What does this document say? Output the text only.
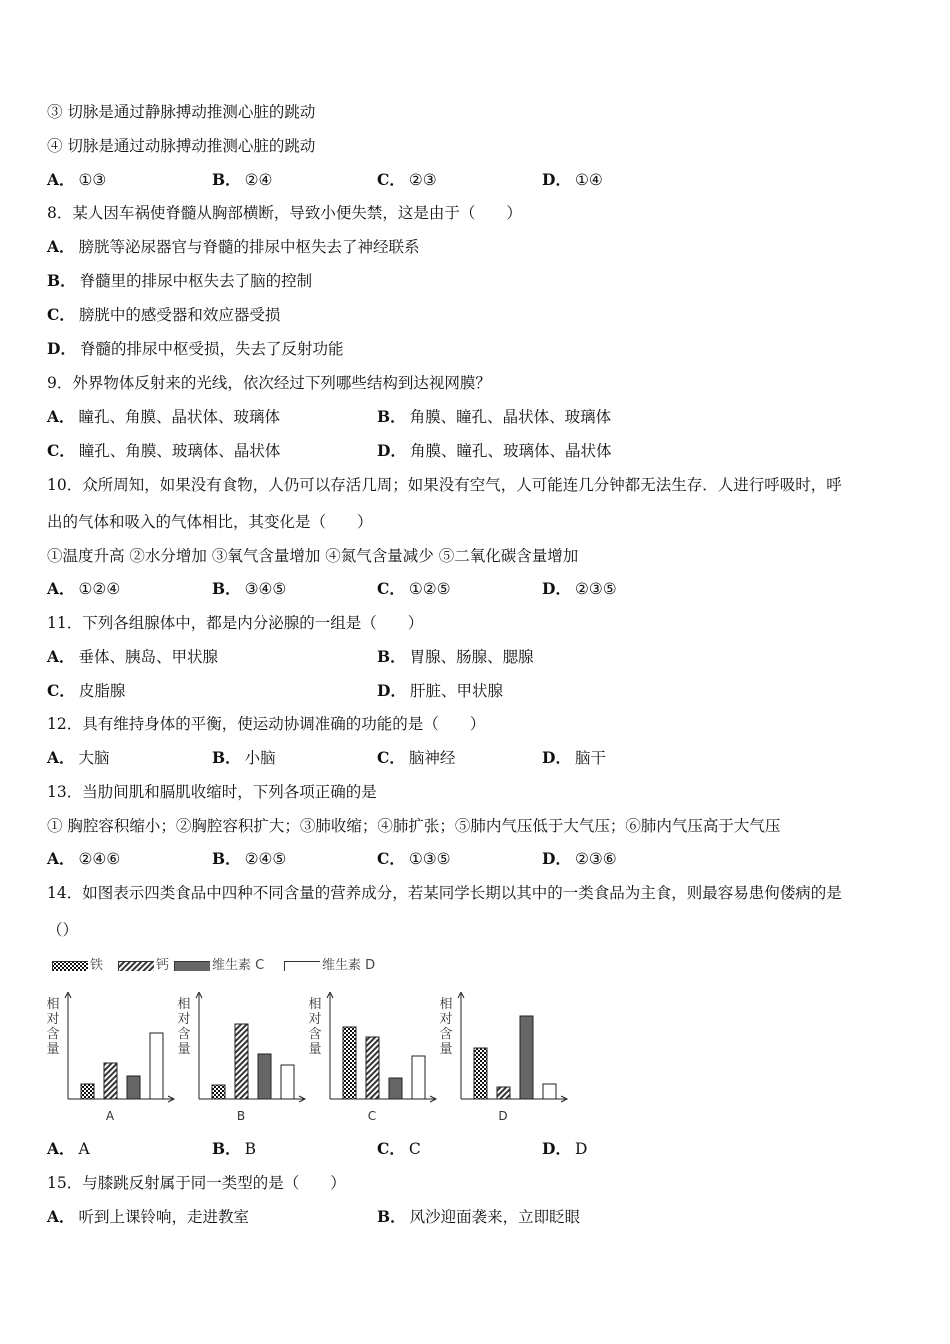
③ 切脉是通过静脉搏动推测心脏的跳动
④ 切脉是通过动脉搏动推测心脏的跳动
A． ①③	B． ②④	C． ②③	D． ①④
8．某人因车祸使脊髓从胸部横断，导致小便失禁，这是由于（　　）
A． 膀胱等泌尿器官与脊髓的排尿中枢失去了神经联系
B． 脊髓里的排尿中枢失去了脑的控制
C． 膀胱中的感受器和效应器受损
D． 脊髓的排尿中枢受损，失去了反射功能
9．外界物体反射来的光线，依次经过下列哪些结构到达视网膜？
A． 瞳孔、角膜、晶状体、玻璃体	B． 角膜、瞳孔、晶状体、玻璃体
C． 瞳孔、角膜、玻璃体、晶状体	D． 角膜、瞳孔、玻璃体、晶状体
10．众所周知，如果没有食物，人仍可以存活几周；如果没有空气，人可能连几分钟都无法生存．人进行呼吸时，呼
出的气体和吸入的气体相比，其变化是（　　）
①温度升高 ②水分增加 ③氧气含量增加 ④氮气含量减少 ⑤二氧化碳含量增加
A． ①②④	B． ③④⑤	C． ①②⑤	D． ②③⑤
11．下列各组腺体中，都是内分泌腺的一组是（　　）
A． 垂体、胰岛、甲状腺	B． 胃腺、肠腺、腮腺
C． 皮脂腺	D． 肝脏、甲状腺
12．具有维持身体的平衡，使运动协调准确的功能的是（　　）
A． 大脑	B． 小脑	C． 脑神经	D． 脑干
13．当肋间肌和膈肌收缩时，下列各项正确的是
① 胸腔容积缩小；②胸腔容积扩大；③肺收缩；④肺扩张；⑤肺内气压低于大气压；⑥肺内气压高于大气压
A． ②④⑥	B． ②④⑤	C． ①③⑤	D． ②③⑥
14．如图表示四类食品中四种不同含量的营养成分，若某同学长期以其中的一类食品为主食，则最容易患佝偻病的是
（）
铁	钙	维生素 C	维生素 D
相
对
含
量
A
相
对
含
量
B
相
对
含
量
C
相
对
含
量
D
A． A	B． B	C． C	D． D
15．与膝跳反射属于同一类型的是（　　）
A． 听到上课铃响，走进教室	B． 风沙迎面袭来，立即眨眼
